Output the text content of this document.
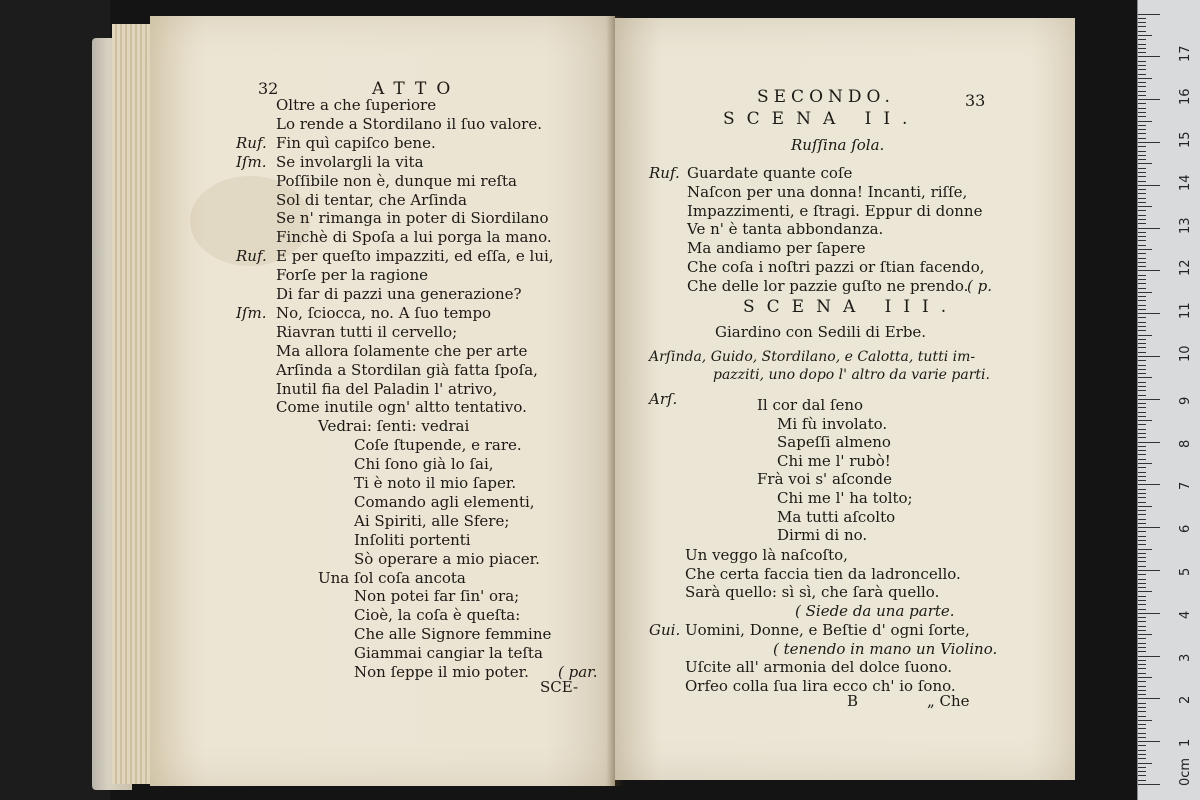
32	ATTO
Oltre a che ſuperiore
Lo rende a Stordilano il ſuo valore.
Ruf. Fin quì capiſco bene.
Iſm. Se involargli la vita
Poſſibile non è, dunque mi reſta
Sol di tentar, che Arſinda
Se n' rimanga in poter di Siordilano
Finchè di Spoſa a lui porga la mano.
Ruf. E per queſto impazziti, ed eſſa, e lui,
Forſe per la ragione
Di far di pazzi una generazione?
Iſm. No, ſciocca, no. A ſuo tempo
Riavran tutti il cervello;
Ma allora ſolamente che per arte
Arſinda a Stordilan già fatta ſpoſa,
Inutil fia del Paladin l' atrivo,
Come inutile ogn' altto tentativo.
Vedrai: ſenti: vedrai
Coſe ſtupende, e rare.
Chi ſono già lo ſai,
Ti è noto il mio ſaper.
Comando agli elementi,
Ai Spiriti, alle Sfere;
Inſoliti portenti
Sò operare a mio piacer.
Una ſol coſa ancota
Non potei far ſin' ora;
Cioè, la coſa è queſta:
Che alle Signore femmine
Giammai cangiar la teſta
Non ſeppe il mio poter. ( par.
SCE-
SECONDO.	33
SCENA II.
Ruſſina ſola.
Ruf. Guardate quante coſe
Naſcon per una donna! Incanti, riſſe,
Impazzimenti, e ſtragi. Eppur di donne
Ve n' è tanta abbondanza.
Ma andiamo per ſapere
Che coſa i noſtri pazzi or ſtian facendo,
Che delle lor pazzie guſto ne prendo.
( p.
SCENA III.
Giardino con Sedili di Erbe.
Arſinda, Guido, Stordilano, e Calotta, tutti im-
pazziti, uno dopo l' altro da varie parti.
Arſ.	Il cor dal ſeno
Mi fù involato.
Sapeſſi almeno
Chi me l' rubò!
Frà voi s' aſconde
Chi me l' ha tolto;
Ma tutti aſcolto
Dirmi di no.
Un veggo là naſcoſto,
Che certa faccia tien da ladroncello.
Sarà quello: sì sì, che ſarà quello.
( Siede da una parte.
Gui. Uomini, Donne, e Beſtie d' ogni ſorte,
( tenendo in mano un Violino.
Uſcite all' armonia del dolce ſuono.
Orfeo colla ſua lira ecco ch' io ſono.
B	„ Che
0cm
1
2
3
4
5
6
7
8
9
10
11
12
13
14
15
16
17
